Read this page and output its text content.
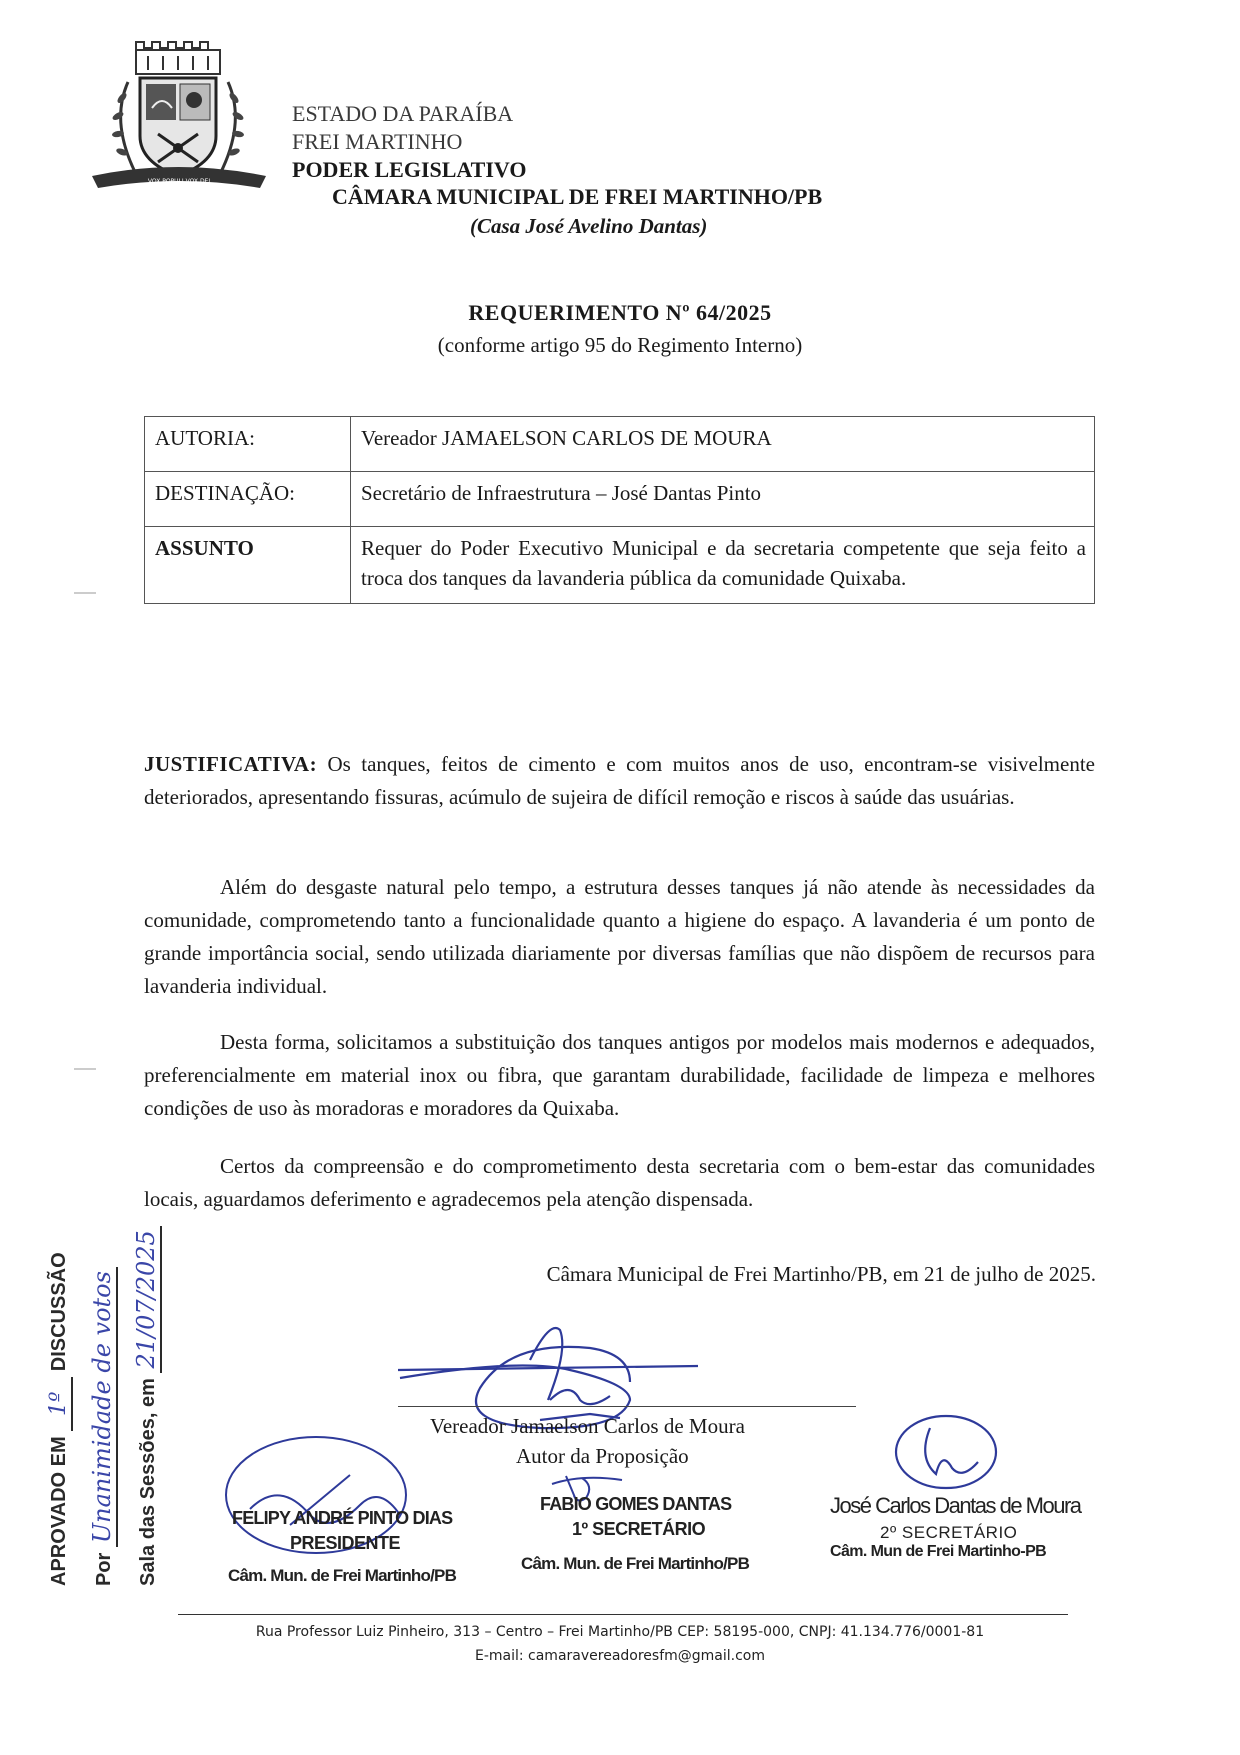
VOX POPULI VOX DEI
ESTADO DA PARAÍBA
FREI MARTINHO
PODER LEGISLATIVO
CÂMARA MUNICIPAL DE FREI MARTINHO/PB
(Casa José Avelino Dantas)
REQUERIMENTO Nº 64/2025
(conforme artigo 95 do Regimento Interno)
AUTORIA:	Vereador JAMAELSON CARLOS DE MOURA
DESTINAÇÃO:	Secretário de Infraestrutura – José Dantas Pinto
ASSUNTO	Requer do Poder Executivo Municipal e da secretaria competente que seja feito a troca dos tanques da lavanderia pública da comunidade Quixaba.

JUSTIFICATIVA: Os tanques, feitos de cimento e com muitos anos de uso, encontram-se visivelmente deteriorados, apresentando fissuras, acúmulo de sujeira de difícil remoção e riscos à saúde das usuárias.

Além do desgaste natural pelo tempo, a estrutura desses tanques já não atende às necessidades da comunidade, comprometendo tanto a funcionalidade quanto a higiene do espaço. A lavanderia é um ponto de grande importância social, sendo utilizada diariamente por diversas famílias que não dispõem de recursos para lavanderia individual.

Desta forma, solicitamos a substituição dos tanques antigos por modelos mais modernos e adequados, preferencialmente em material inox ou fibra, que garantam durabilidade, facilidade de limpeza e melhores condições de uso às moradoras e moradores da Quixaba.

Certos da compreensão e do comprometimento desta secretaria com o bem-estar das comunidades locais, aguardamos deferimento e agradecemos pela atenção dispensada.

Câmara Municipal de Frei Martinho/PB, em 21 de julho de 2025.
Vereador Jamaelson Carlos de Moura
Autor da Proposição
FELIPY ANDRÉ PINTO DIAS
PRESIDENTE
Câm. Mun. de Frei Martinho/PB
FABIO GOMES DANTAS
1º SECRETÁRIO
Câm. Mun. de Frei Martinho/PB
José Carlos Dantas de Moura
2º SECRETÁRIO
Câm. Mun de Frei Martinho-PB
APROVADO EM 1º DISCUSSÃO
Por Unanimidade de votos Sala das Sessões, em 21/07/2025
Rua Professor Luiz Pinheiro, 313 – Centro – Frei Martinho/PB CEP: 58195-000, CNPJ: 41.134.776/0001-81
E-mail: camaravereadoresfm@gmail.com
